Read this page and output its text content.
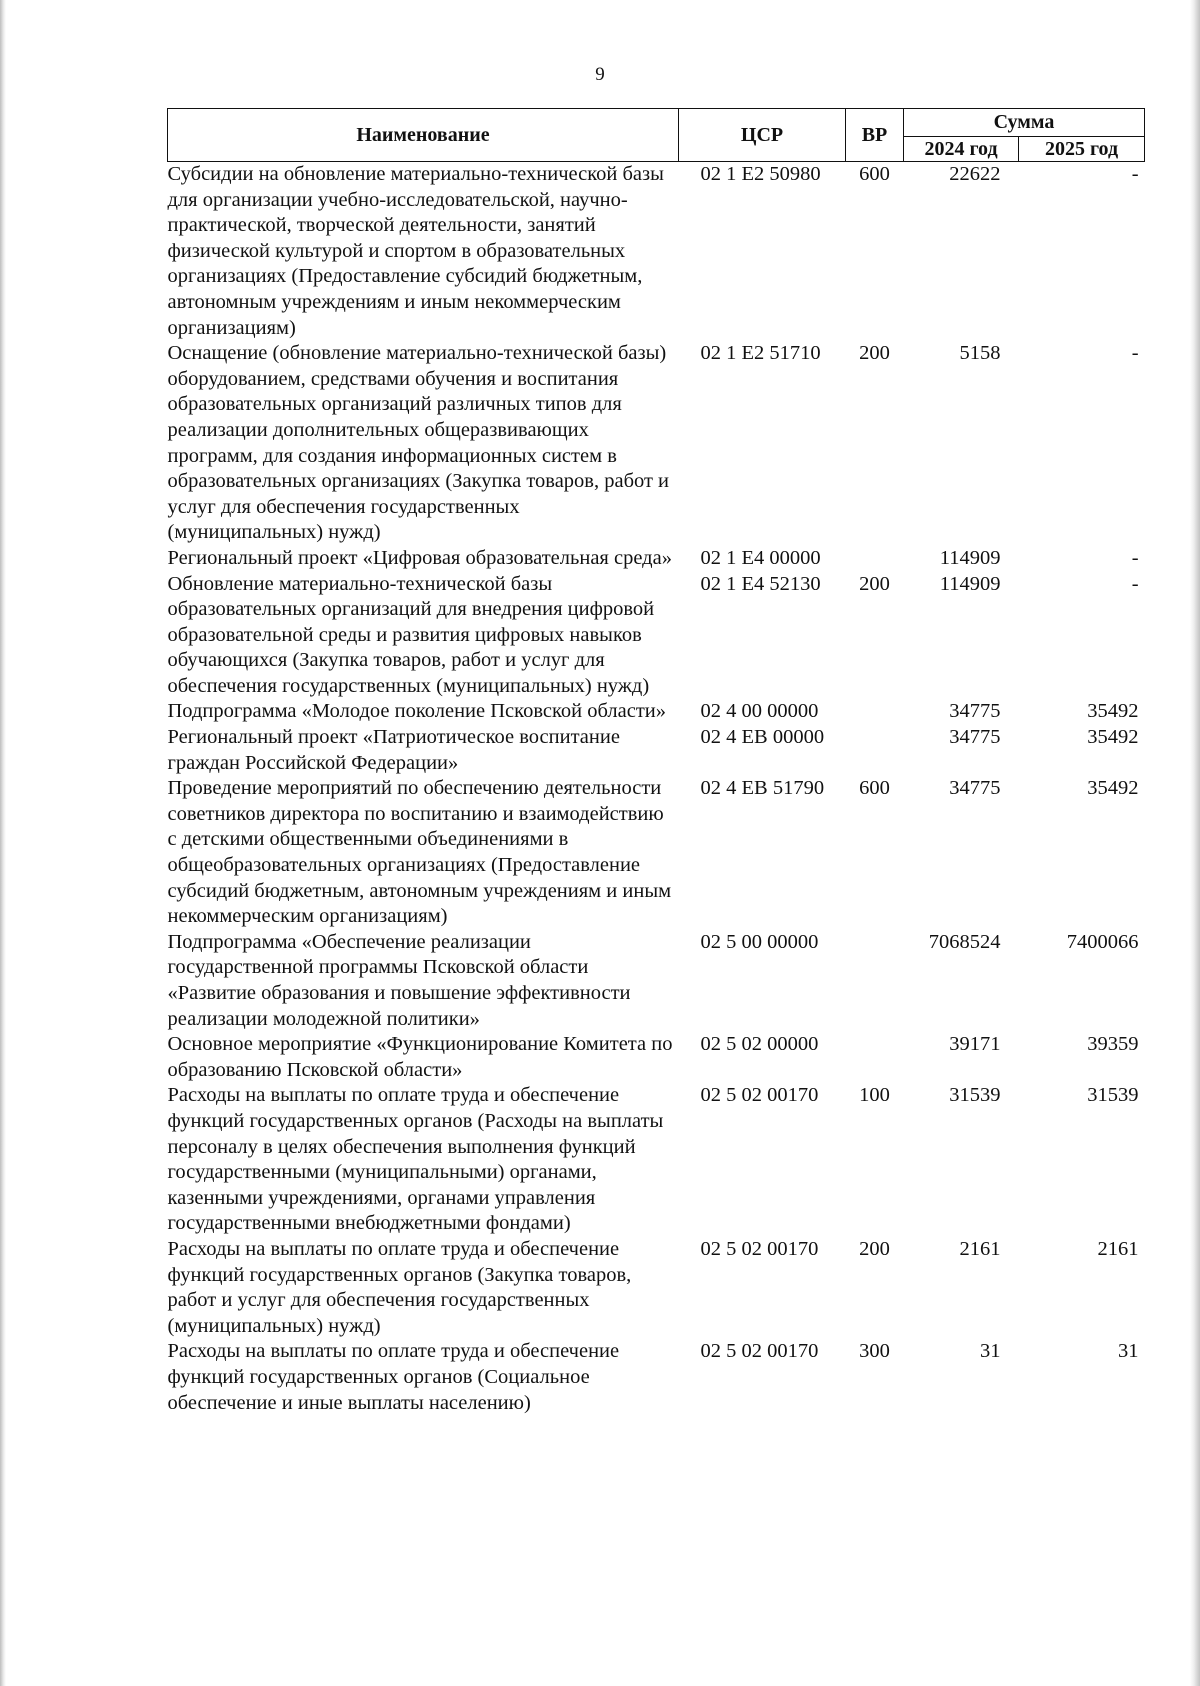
9
Наименование	ЦСР	ВР	Сумма	
			2024 год	2025 год
Субсидии на обновление материально-технической базы для организации учебно-исследовательской, научно-практической, творческой деятельности, занятий физической культурой и спортом в образовательных организациях (Предоставление субсидий бюджетным, автономным учреждениям и иным некоммерческим организациям)	02 1 E2 50980	600	22622	-
Оснащение (обновление материально-технической базы) оборудованием, средствами обучения и воспитания образовательных организаций различных типов для реализации дополнительных общеразвивающих программ, для создания информационных систем в образовательных организациях (Закупка товаров, работ и услуг для обеспечения государственных (муниципальных) нужд)	02 1 E2 51710	200	5158	-
Региональный проект «Цифровая образовательная среда»	02 1 E4 00000		114909	-
Обновление материально-технической базы образовательных организаций для внедрения цифровой образовательной среды и развития цифровых навыков обучающихся (Закупка товаров, работ и услуг для обеспечения государственных (муниципальных) нужд)	02 1 E4 52130	200	114909	-
Подпрограмма «Молодое поколение Псковской области»	02 4 00 00000		34775	35492
Региональный проект «Патриотическое воспитание граждан Российской Федерации»	02 4 EB 00000		34775	35492
Проведение мероприятий по обеспечению деятельности советников директора по воспитанию и взаимодействию с детскими общественными объединениями в общеобразовательных организациях (Предоставление субсидий бюджетным, автономным учреждениям и иным некоммерческим организациям)	02 4 EB 51790	600	34775	35492
Подпрограмма «Обеспечение реализации государственной программы Псковской области «Развитие образования и повышение эффективности реализации молодежной политики»	02 5 00 00000		7068524	7400066
Основное мероприятие «Функционирование Комитета по образованию Псковской области»	02 5 02 00000		39171	39359
Расходы на выплаты по оплате труда и обеспечение функций государственных органов (Расходы на выплаты персоналу в целях обеспечения выполнения функций государственными (муниципальными) органами, казенными учреждениями, органами управления государственными внебюджетными фондами)	02 5 02 00170	100	31539	31539
Расходы на выплаты по оплате труда и обеспечение функций государственных органов (Закупка товаров, работ и услуг для обеспечения государственных (муниципальных) нужд)	02 5 02 00170	200	2161	2161
Расходы на выплаты по оплате труда и обеспечение функций государственных органов (Социальное обеспечение и иные выплаты населению)	02 5 02 00170	300	31	31
